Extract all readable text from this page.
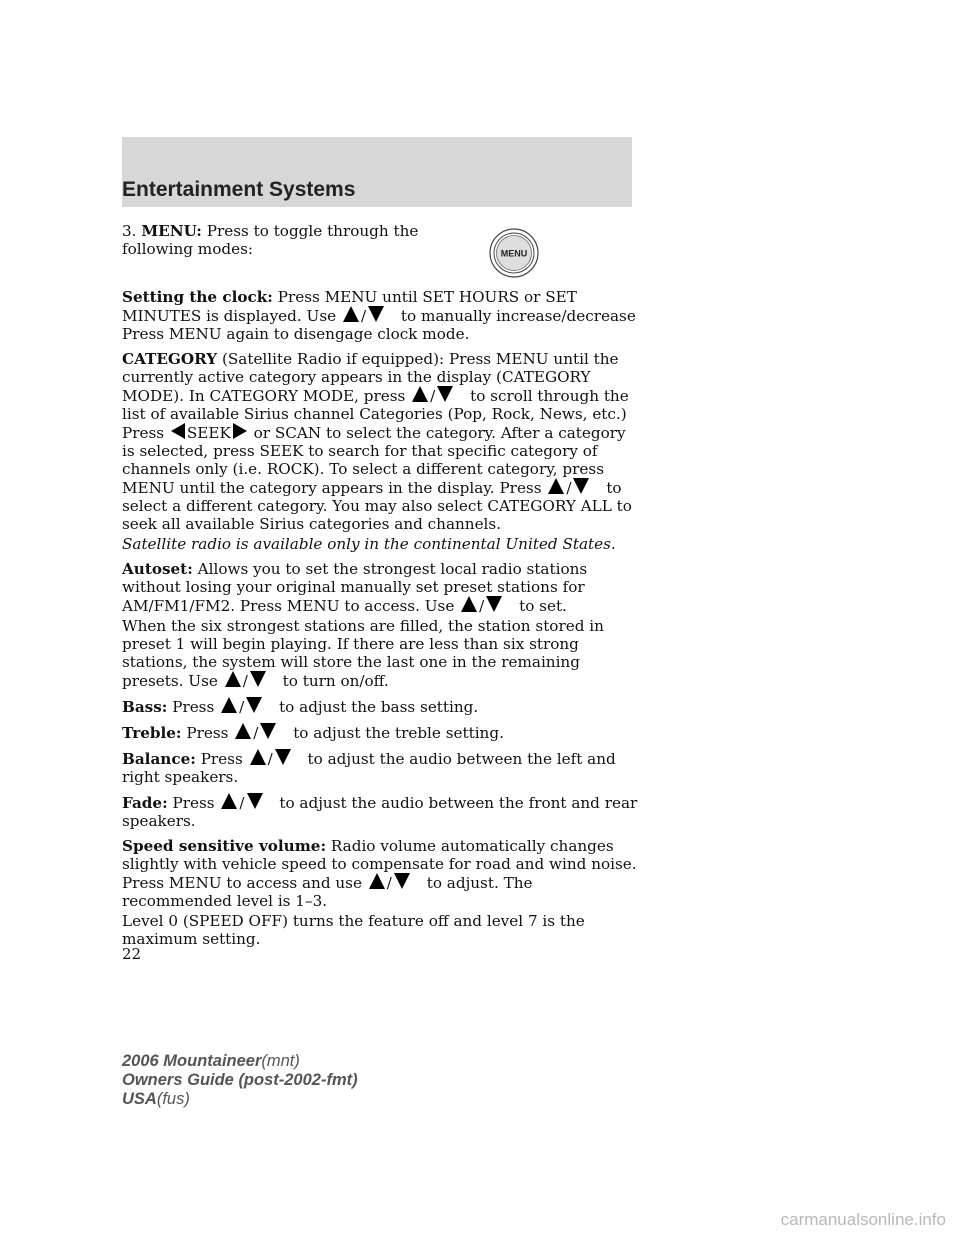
Entertainment Systems
MENU

3. MENU: Press to toggle through the following modes:

Setting the clock: Press MENU until SET HOURS or SET MINUTES is displayed. Use / to manually increase/decrease Press MENU again to disengage clock mode.

CATEGORY (Satellite Radio if equipped): Press MENU until the currently active category appears in the display (CATEGORY MODE). In CATEGORY MODE, press / to scroll through the list of available Sirius channel Categories (Pop, Rock, News, etc.) Press SEEK or SCAN to select the category. After a category is selected, press SEEK to search for that specific category of channels only (i.e. ROCK). To select a different category, press MENU until the category appears in the display. Press / to select a different category. You may also select CATEGORY ALL to seek all available Sirius categories and channels.

Satellite radio is available only in the continental United States.

Autoset: Allows you to set the strongest local radio stations without losing your original manually set preset stations for AM/FM1/FM2. Press MENU to access. Use / to set.

When the six strongest stations are filled, the station stored in preset 1 will begin playing. If there are less than six strong stations, the system will store the last one in the remaining presets. Use / to turn on/off.

Bass: Press / to adjust the bass setting.

Treble: Press / to adjust the treble setting.

Balance: Press / to adjust the audio between the left and right speakers.

Fade: Press / to adjust the audio between the front and rear speakers.

Speed sensitive volume: Radio volume automatically changes slightly with vehicle speed to compensate for road and wind noise. Press MENU to access and use / to adjust. The recommended level is 1–3.

Level 0 (SPEED OFF) turns the feature off and level 7 is the maximum setting.

22
2006 Mountaineer(mnt)
Owners Guide (post-2002-fmt)
USA(fus)
carmanualsonline.info
